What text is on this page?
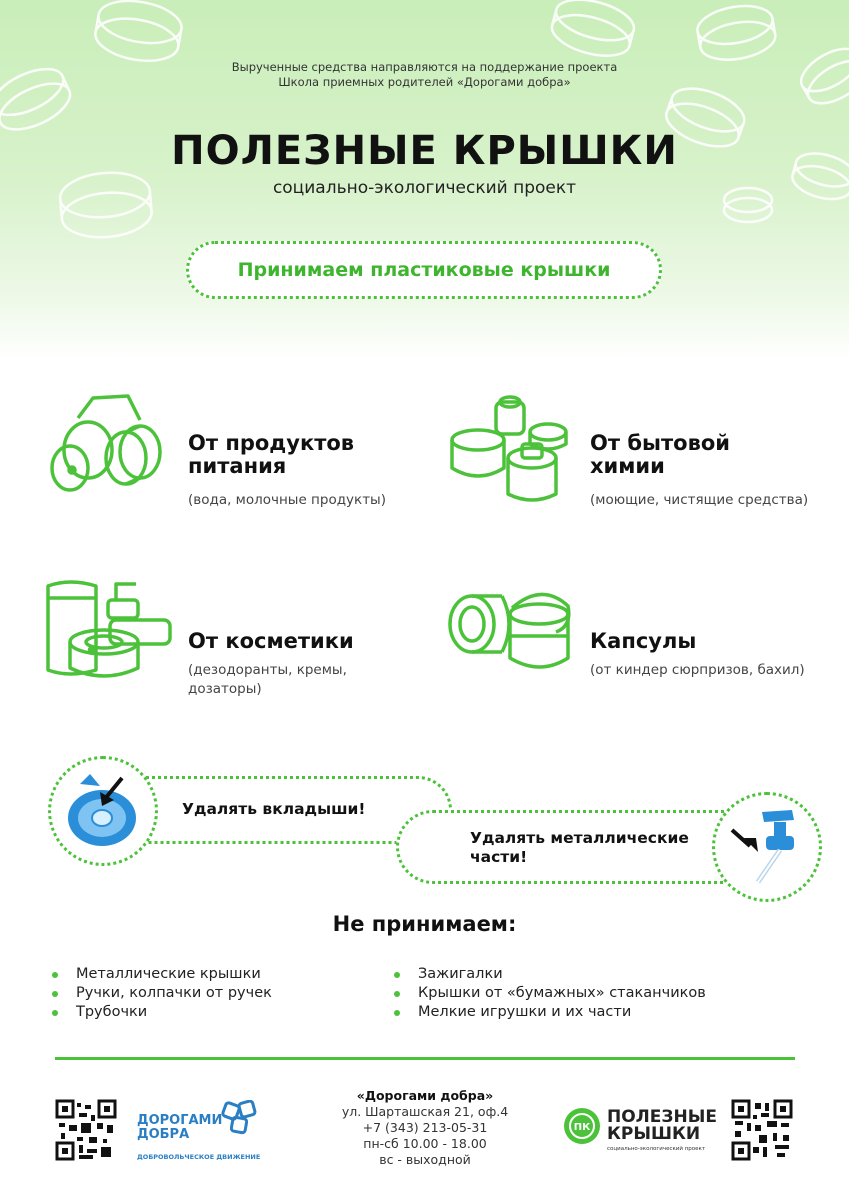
Вырученные средства направляются на поддержание проекта
Школа приемных родителей «Дорогами добра»
ПОЛЕЗНЫЕ КРЫШКИ
социально-экологический проект
Принимаем пластиковые крышки
От продуктов
питания
(вода, молочные продукты)
От бытовой
химии
(моющие, чистящие средства)
От косметики
(дезодоранты, кремы,
дозаторы)
Капсулы
(от киндер сюрпризов, бахил)
Удалять вкладыши!
Удалять металлические
части!
Не принимаем:
Металлические крышки
Ручки, колпачки от ручек
Трубочки
Зажигалки
Крышки от «бумажных» стаканчиков
Мелкие игрушки и их части
ДОРОГАМИ
ДОБРА
ДОБРОВОЛЬЧЕСКОЕ ДВИЖЕНИЕ
«Дорогами добра»
ул. Шарташская 21, оф.4
+7 (343) 213-05-31
пн-сб 10.00 - 18.00
вс - выходной
ПК
ПОЛЕЗНЫЕ
КРЫШКИ
социально-экологический проект
